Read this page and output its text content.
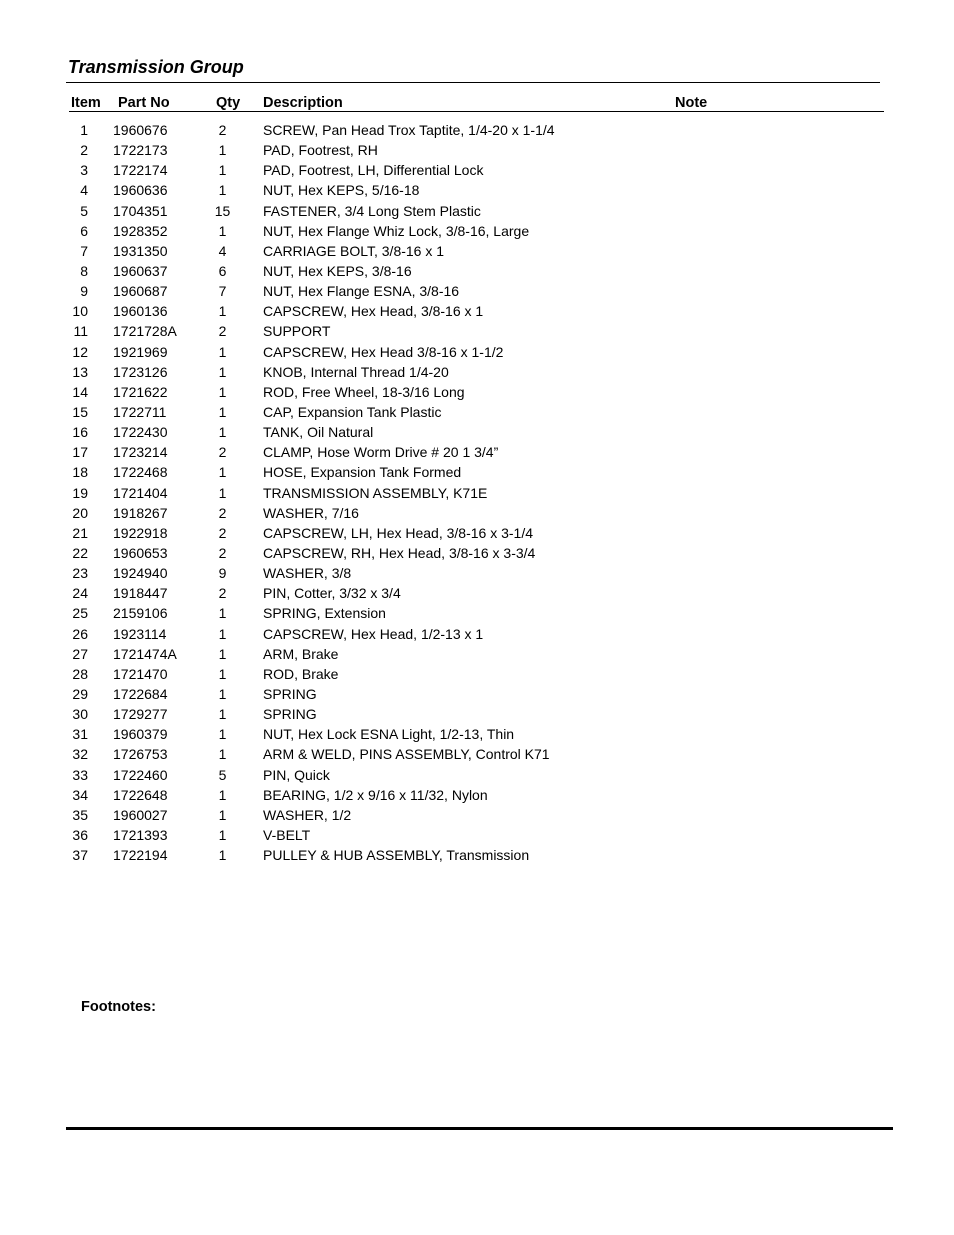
Transmission Group
Item Part No	Qty Description	Note
1 1960676	2	SCREW, Pan Head Trox Taptite, 1/4-20 x 1-1/4
2 1722173	1	PAD, Footrest, RH
3 1722174	1	PAD, Footrest, LH, Differential Lock
4 1960636	1	NUT, Hex KEPS, 5/16-18
5 1704351	15	FASTENER, 3/4 Long Stem Plastic
6 1928352	1	NUT, Hex Flange Whiz Lock, 3/8-16, Large
7 1931350	4	CARRIAGE BOLT, 3/8-16 x 1
8 1960637	6	NUT, Hex KEPS, 3/8-16
9 1960687	7	NUT, Hex Flange ESNA, 3/8-16
10 1960136	1	CAPSCREW, Hex Head, 3/8-16 x 1
11 1721728A	2	SUPPORT
12 1921969	1	CAPSCREW, Hex Head 3/8-16 x 1-1/2
13 1723126	1	KNOB, Internal Thread 1/4-20
14 1721622	1	ROD, Free Wheel, 18-3/16 Long
15 1722711	1	CAP, Expansion Tank Plastic
16 1722430	1	TANK, Oil Natural
17 1723214	2	CLAMP, Hose Worm Drive # 20 1 3/4”
18 1722468	1	HOSE, Expansion Tank Formed
19 1721404	1	TRANSMISSION ASSEMBLY, K71E
20 1918267	2	WASHER, 7/16
21 1922918	2	CAPSCREW, LH, Hex Head, 3/8-16 x 3-1/4
22 1960653	2	CAPSCREW, RH, Hex Head, 3/8-16 x 3-3/4
23 1924940	9	WASHER, 3/8
24 1918447	2	PIN, Cotter, 3/32 x 3/4
25 2159106	1	SPRING, Extension
26 1923114	1	CAPSCREW, Hex Head, 1/2-13 x 1
27 1721474A	1	ARM, Brake
28 1721470	1	ROD, Brake
29 1722684	1	SPRING
30 1729277	1	SPRING
31 1960379	1	NUT, Hex Lock ESNA Light, 1/2-13, Thin
32 1726753	1	ARM & WELD, PINS ASSEMBLY, Control K71
33 1722460	5	PIN, Quick
34 1722648	1	BEARING, 1/2 x 9/16 x 11/32, Nylon
35 1960027	1	WASHER, 1/2
36 1721393	1	V-BELT
37 1722194	1	PULLEY & HUB ASSEMBLY, Transmission
Footnotes:
